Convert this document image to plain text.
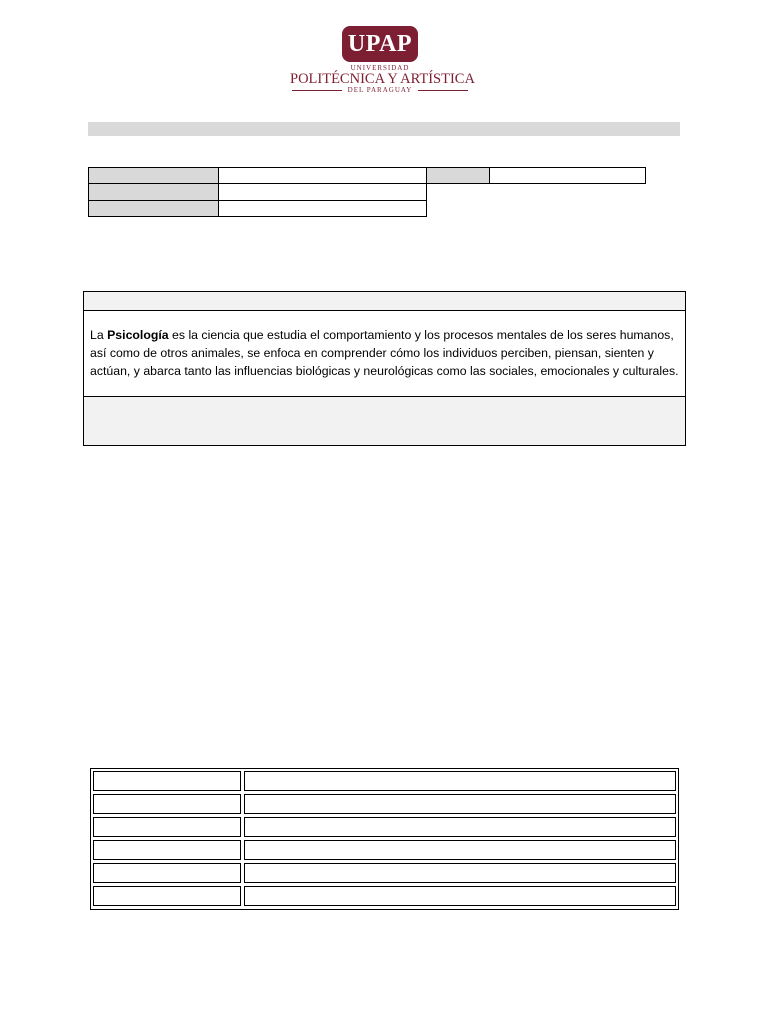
UPAP
UNIVERSIDAD
POLITÉCNICA Y ARTÍSTICA
DEL PARAGUAY
La Psicología es la ciencia que estudia el comportamiento y los procesos mentales de los seres humanos, así como de otros animales, se enfoca en comprender cómo los individuos perciben, piensan, sienten y actúan, y abarca tanto las influencias biológicas y neurológicas como las sociales, emocionales y culturales.
